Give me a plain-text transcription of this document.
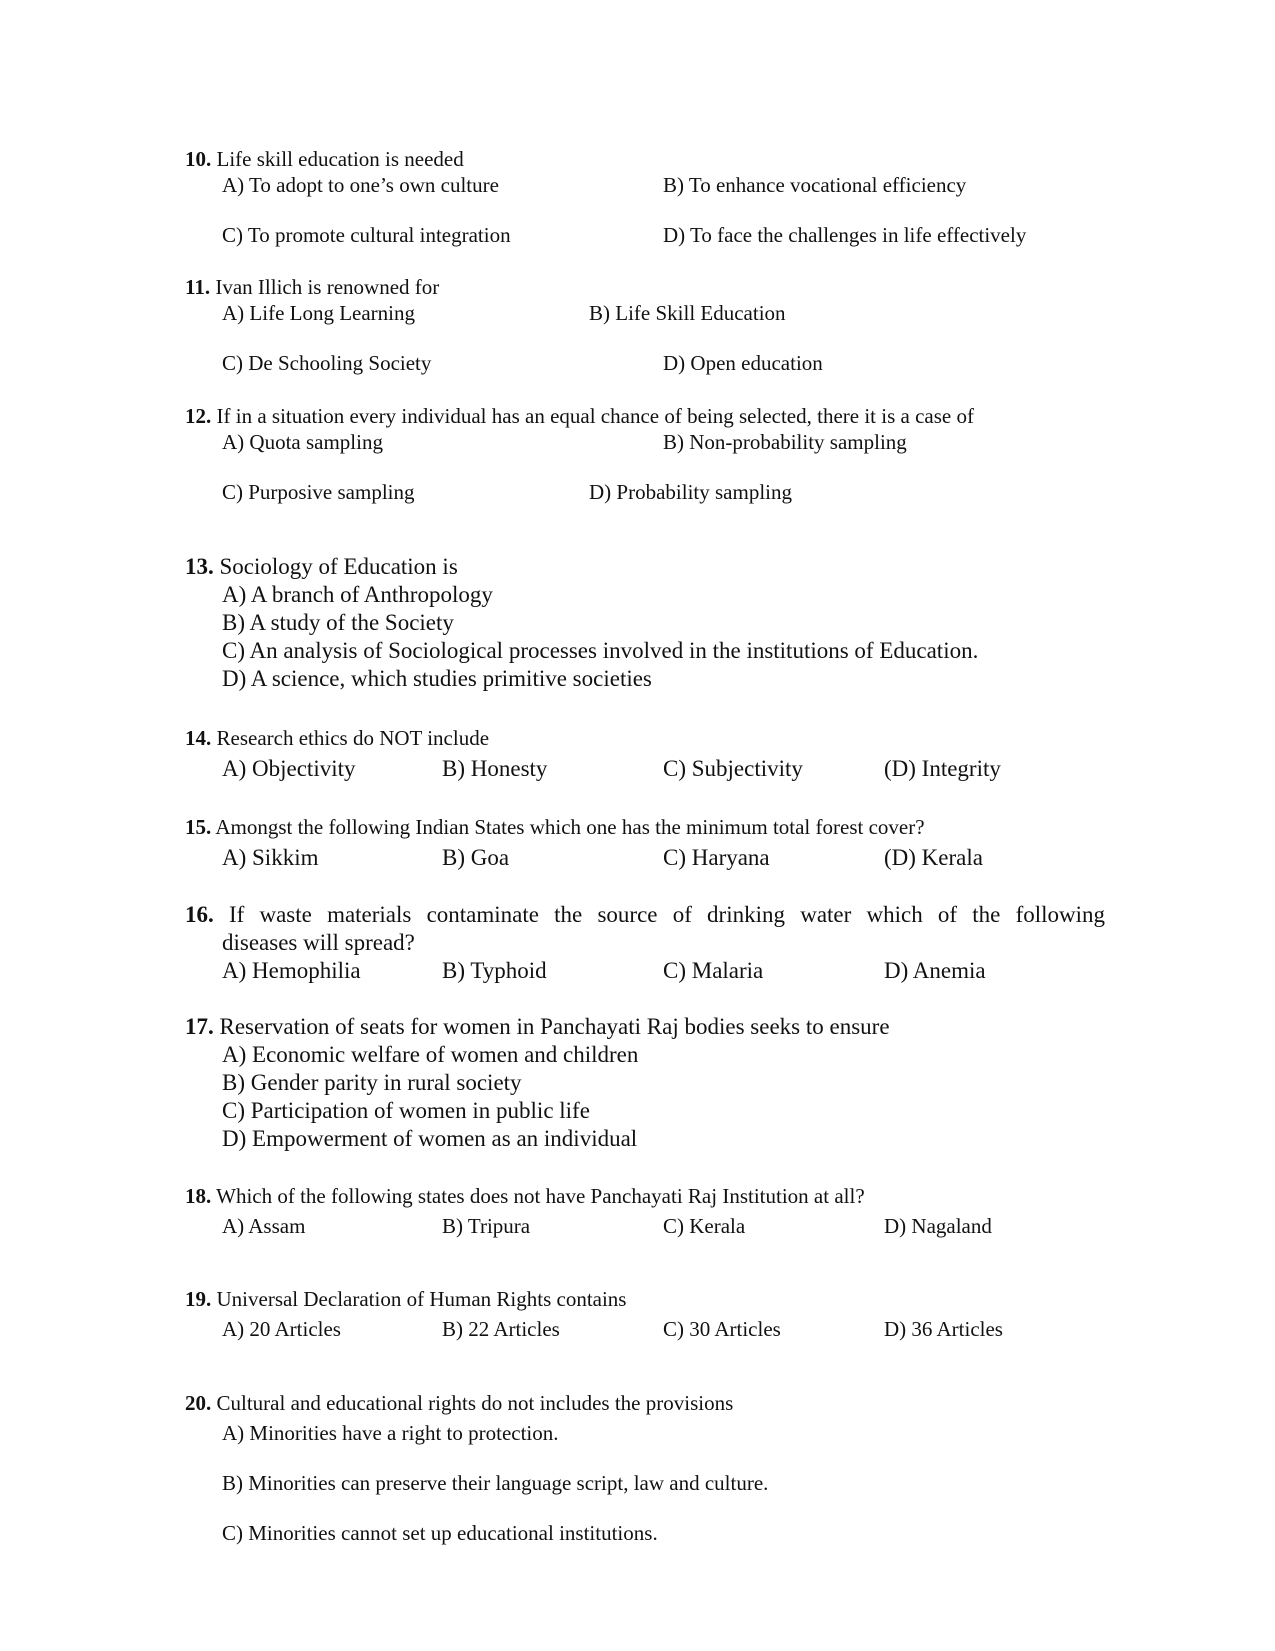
10. Life skill education is needed
A) To adopt to one’s own culture	B) To enhance vocational efficiency
C) To promote cultural integration	D) To face the challenges in life effectively
11. Ivan Illich is renowned for
A) Life Long Learning	B) Life Skill Education
C) De Schooling Society	D) Open education
12. If in a situation every individual has an equal chance of being selected, there it is a case of
A) Quota sampling	B) Non-probability sampling
C) Purposive sampling	D) Probability sampling
13. Sociology of Education is
A) A branch of Anthropology
B) A study of the Society
C) An analysis of Sociological processes involved in the institutions of Education.
D) A science, which studies primitive societies
14. Research ethics do NOT include
A) Objectivity	B) Honesty	C) Subjectivity	(D) Integrity
15. Amongst the following Indian States which one has the minimum total forest cover?
A) Sikkim	B) Goa	C) Haryana	(D) Kerala
16. If waste materials contaminate the source of drinking water which of the following
diseases will spread?
A) Hemophilia	B) Typhoid	C) Malaria	D) Anemia
17. Reservation of seats for women in Panchayati Raj bodies seeks to ensure
A) Economic welfare of women and children
B) Gender parity in rural society
C) Participation of women in public life
D) Empowerment of women as an individual
18. Which of the following states does not have Panchayati Raj Institution at all?
A) Assam	B) Tripura	C) Kerala	D) Nagaland
19. Universal Declaration of Human Rights contains
A) 20 Articles	B) 22 Articles	C) 30 Articles	D) 36 Articles
20. Cultural and educational rights do not includes the provisions
A) Minorities have a right to protection.
B) Minorities can preserve their language script, law and culture.
C) Minorities cannot set up educational institutions.
